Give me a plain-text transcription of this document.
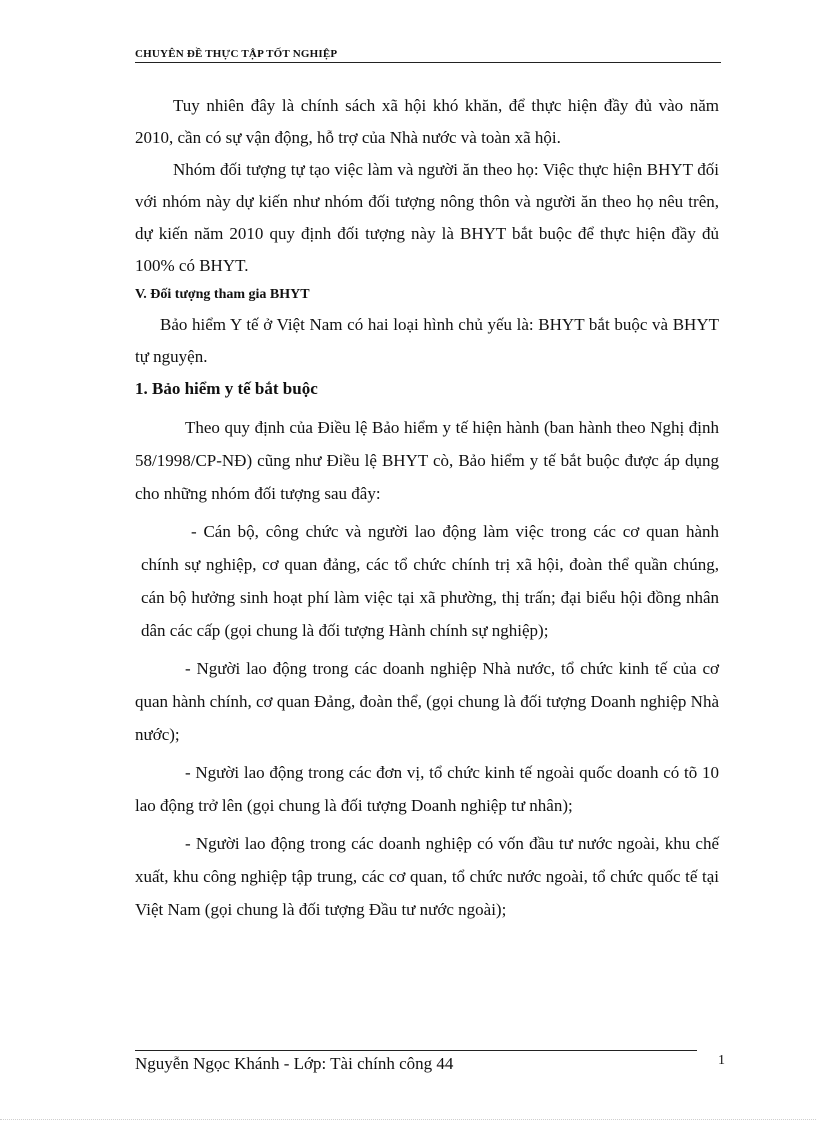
CHUYÊN ĐỀ THỰC TẬP TỐT NGHIỆP

Tuy nhiên đây là chính sách xã hội khó khăn, để thực hiện đầy đủ vào năm 2010, cần có sự vận động, hỗ trợ của Nhà nước và toàn xã hội.

Nhóm đối tượng tự tạo việc làm và người ăn theo họ: Việc thực hiện BHYT đối với nhóm này dự kiến như nhóm đối tượng nông thôn và người ăn theo họ nêu trên, dự kiến năm 2010 quy định đối tượng này là BHYT bắt buộc để thực hiện đầy đủ 100% có BHYT.

V. Đối tượng tham gia BHYT

Bảo hiểm Y tế ở Việt Nam có hai loại hình chủ yếu là: BHYT bắt buộc và BHYT tự nguyện.

1. Bảo hiểm y tế bắt buộc

Theo quy định của Điều lệ Bảo hiểm y tế hiện hành (ban hành theo Nghị định 58/1998/CP-NĐ) cũng như Điều lệ BHYT cò, Bảo hiểm y tế bắt buộc được áp dụng cho những nhóm đối tượng sau đây:

- Cán bộ, công chức và người lao động làm việc trong các cơ quan hành chính sự nghiệp, cơ quan đảng, các tổ chức chính trị xã hội, đoàn thể quần chúng, cán bộ hưởng sinh hoạt phí làm việc tại xã phường, thị trấn; đại biểu hội đồng nhân dân các cấp (gọi chung là đối tượng Hành chính sự nghiệp);

- Người lao động trong các doanh nghiệp Nhà nước, tổ chức kinh tế của cơ quan hành chính, cơ quan Đảng, đoàn thể, (gọi chung là đối tượng Doanh nghiệp Nhà nước);

- Người lao động trong các đơn vị, tổ chức kinh tế ngoài quốc doanh có tõ 10 lao động trở lên (gọi chung là đối tượng Doanh nghiệp tư nhân);

- Người lao động trong các doanh nghiệp có vốn đầu tư nước ngoài, khu chế xuất, khu công nghiệp tập trung, các cơ quan, tổ chức nước ngoài, tổ chức quốc tế tại Việt Nam (gọi chung là đối tượng Đầu tư nước ngoài);

Nguyễn Ngọc Khánh - Lớp: Tài chính công 44	1
